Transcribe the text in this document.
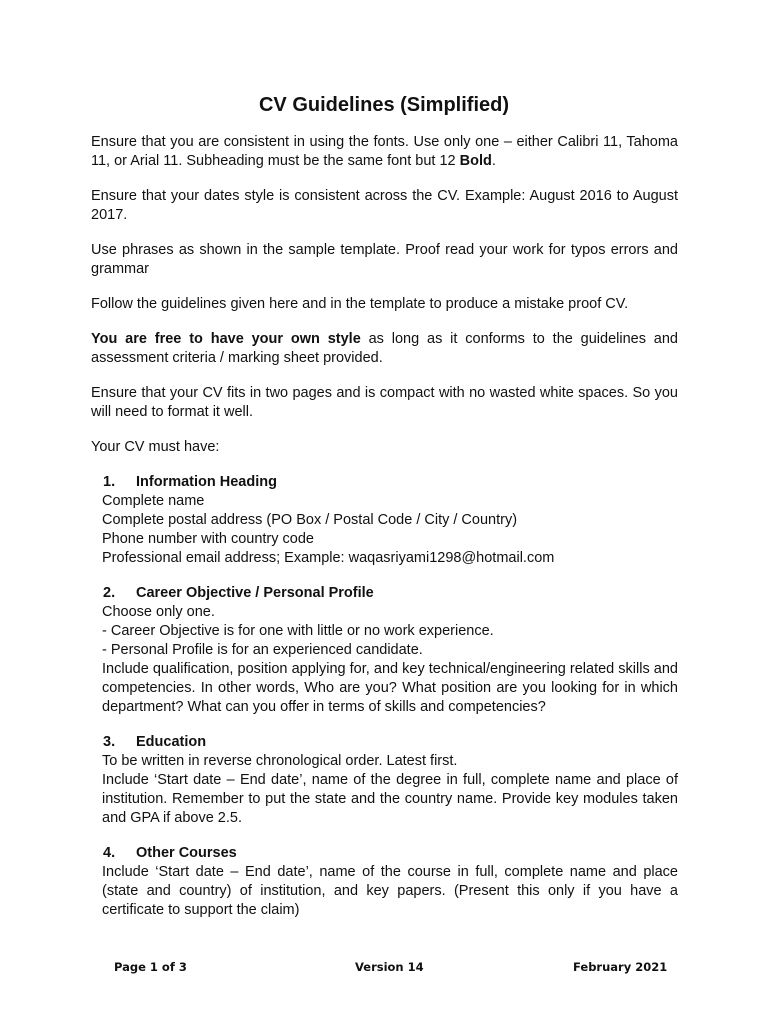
CV Guidelines (Simplified)

Ensure that you are consistent in using the fonts. Use only one – either Calibri 11, Tahoma 11, or Arial 11. Subheading must be the same font but 12 Bold.

Ensure that your dates style is consistent across the CV. Example: August 2016 to August 2017.

Use phrases as shown in the sample template. Proof read your work for typos errors and grammar

Follow the guidelines given here and in the template to produce a mistake proof CV.

You are free to have your own style as long as it conforms to the guidelines and assessment criteria / marking sheet provided.

Ensure that your CV fits in two pages and is compact with no wasted white spaces. So you will need to format it well.

Your CV must have:

1. Information Heading

Complete name

Complete postal address (PO Box / Postal Code / City / Country)

Phone number with country code

Professional email address; Example: waqasriyami1298@hotmail.com

2. Career Objective / Personal Profile

Choose only one.

- Career Objective is for one with little or no work experience.

- Personal Profile is for an experienced candidate.

Include qualification, position applying for, and key technical/engineering related skills and competencies. In other words, Who are you? What position are you looking for in which department? What can you offer in terms of skills and competencies?

3. Education

To be written in reverse chronological order. Latest first.

Include ‘Start date – End date’, name of the degree in full, complete name and place of institution. Remember to put the state and the country name. Provide key modules taken and GPA if above 2.5.

4. Other Courses

Include ‘Start date – End date’, name of the course in full, complete name and place (state and country) of institution, and key papers. (Present this only if you have a certificate to support the claim)

Page 1 of 3	Version 14	February 2021
